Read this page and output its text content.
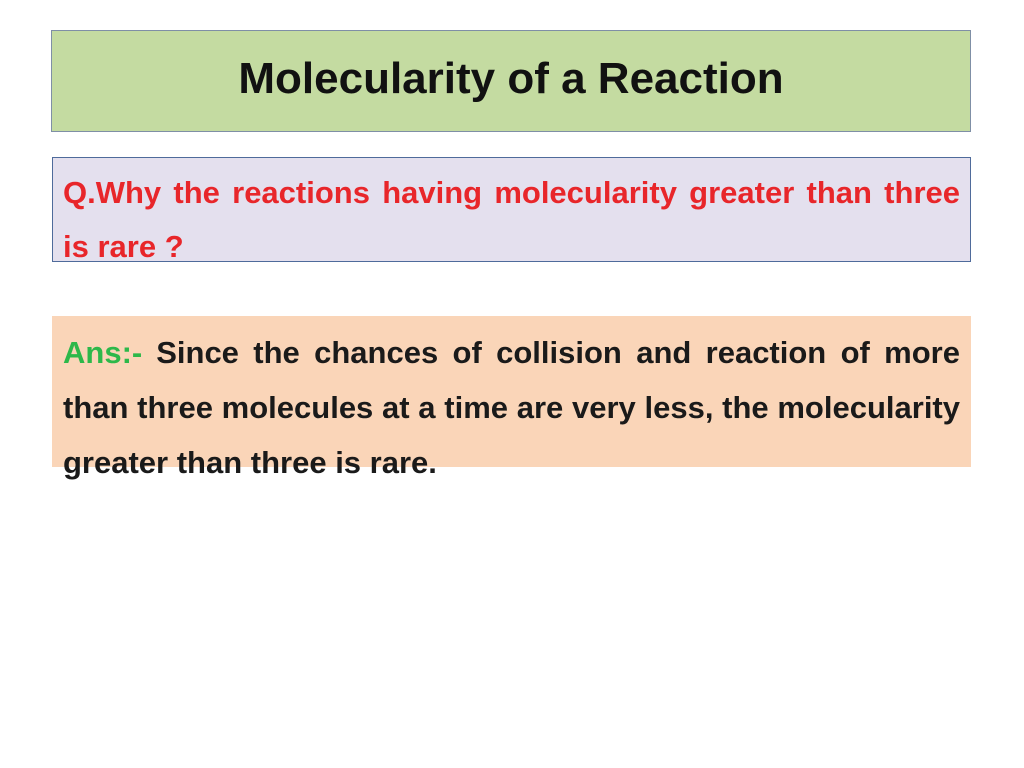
Molecularity of a Reaction

Q.Why the reactions having molecularity greater than three is rare ?

Ans:- Since the chances of collision and reaction of more than three molecules at a time are very less, the molecularity greater than three is rare.
